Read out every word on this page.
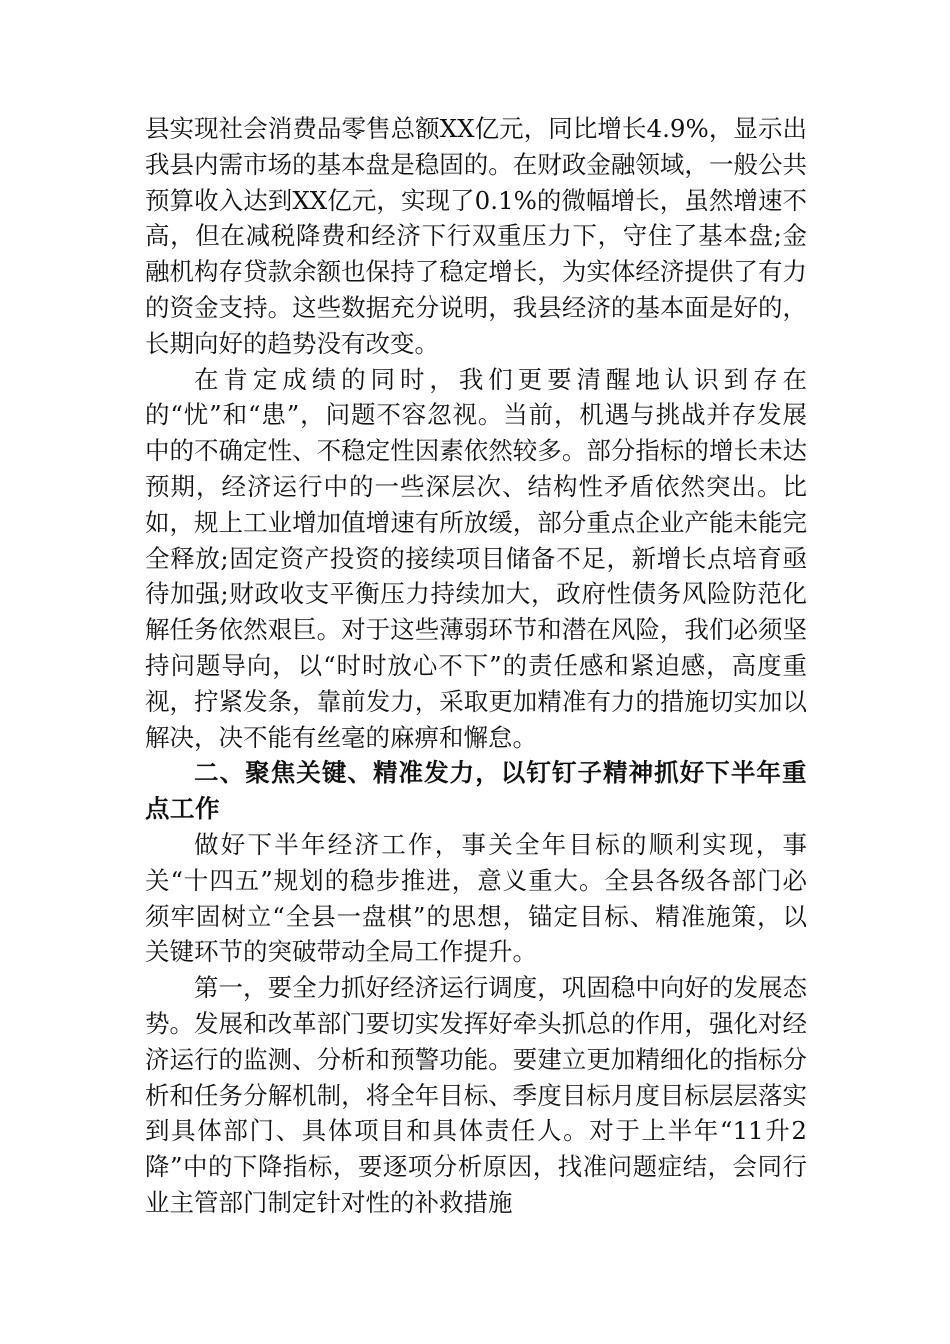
县实现社会消费品零售总额XX亿元，同比增长4.9%，显示出我县内需市场的基本盘是稳固的。在财政金融领域，一般公共预算收入达到XX亿元，实现了0.1%的微幅增长，虽然增速不高，但在减税降费和经济下行双重压力下，守住了基本盘;金融机构存贷款余额也保持了稳定增长，为实体经济提供了有力的资金支持。这些数据充分说明，我县经济的基本面是好的，长期向好的趋势没有改变。

在肯定成绩的同时，我们更要清醒地认识到存在的“忧”和“患”，问题不容忽视。当前，机遇与挑战并存发展中的不确定性、不稳定性因素依然较多。部分指标的增长未达预期，经济运行中的一些深层次、结构性矛盾依然突出。比如，规上工业增加值增速有所放缓，部分重点企业产能未能完全释放;固定资产投资的接续项目储备不足，新增长点培育亟待加强;财政收支平衡压力持续加大，政府性债务风险防范化解任务依然艰巨。对于这些薄弱环节和潜在风险，我们必须坚持问题导向，以“时时放心不下”的责任感和紧迫感，高度重视，拧紧发条，靠前发力，采取更加精准有力的措施切实加以解决，决不能有丝毫的麻痹和懈怠。

二、聚焦关键、精准发力，以钉钉子精神抓好下半年重点工作

做好下半年经济工作，事关全年目标的顺利实现，事关“十四五”规划的稳步推进，意义重大。全县各级各部门必须牢固树立“全县一盘棋”的思想，锚定目标、精准施策，以关键环节的突破带动全局工作提升。

第一，要全力抓好经济运行调度，巩固稳中向好的发展态势。发展和改革部门要切实发挥好牵头抓总的作用，强化对经济运行的监测、分析和预警功能。要建立更加精细化的指标分析和任务分解机制，将全年目标、季度目标月度目标层层落实到具体部门、具体项目和具体责任人。对于上半年“11升2降”中的下降指标，要逐项分析原因，找准问题症结，会同行业主管部门制定针对性的补救措施
